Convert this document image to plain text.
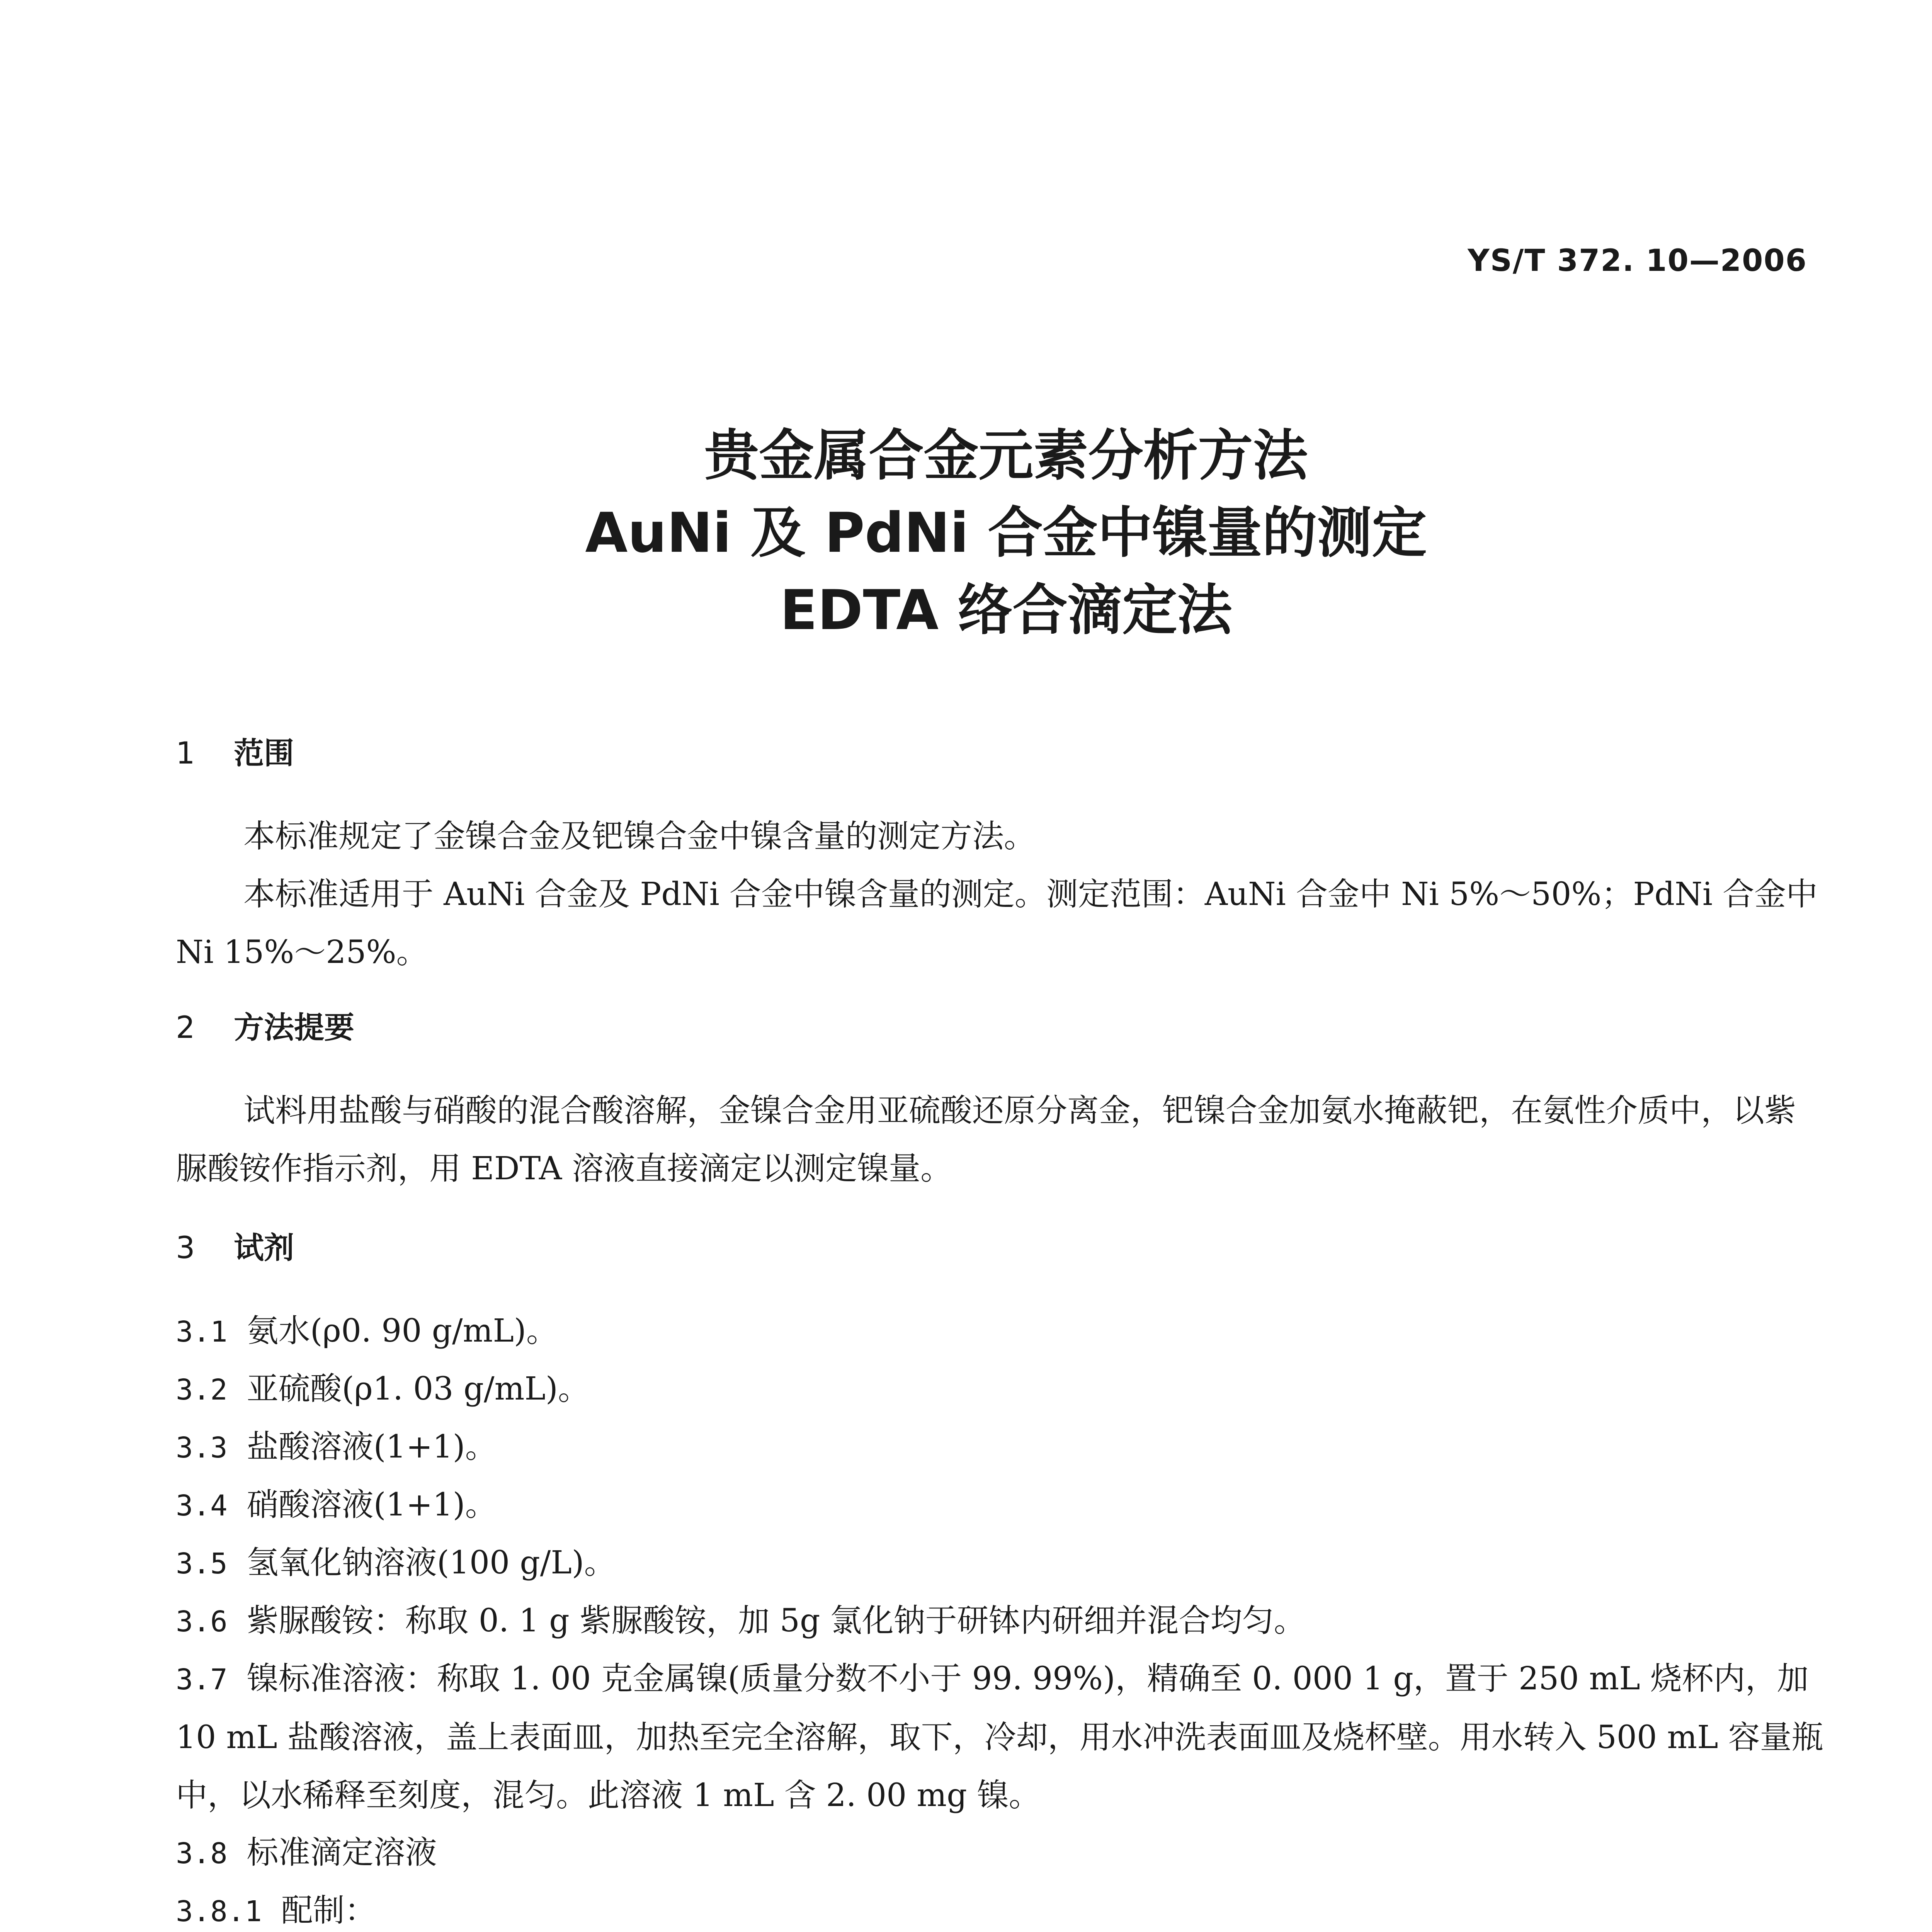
YS/T 372. 10—2006
贵金属合金元素分析方法
AuNi 及 PdNi 合金中镍量的测定
EDTA 络合滴定法
1 范围
本标准规定了金镍合金及钯镍合金中镍含量的测定方法。
本标准适用于 AuNi 合金及 PdNi 合金中镍含量的测定。测定范围：AuNi 合金中 Ni 5%～50%；PdNi 合金中 Ni 15%～25%。
2 方法提要
试料用盐酸与硝酸的混合酸溶解，金镍合金用亚硫酸还原分离金，钯镍合金加氨水掩蔽钯，在氨性介质中，以紫脲酸铵作指示剂，用 EDTA 溶液直接滴定以测定镍量。
3 试剂
3.1 氨水(ρ0. 90 g/mL)。
3.2 亚硫酸(ρ1. 03 g/mL)。
3.3 盐酸溶液(1+1)。
3.4 硝酸溶液(1+1)。
3.5 氢氧化钠溶液(100 g/L)。
3.6 紫脲酸铵：称取 0. 1 g 紫脲酸铵，加 5g 氯化钠于研钵内研细并混合均匀。
3.7 镍标准溶液：称取 1. 00 克金属镍(质量分数不小于 99. 99%)，精确至 0. 000 1 g，置于 250 mL 烧杯内，加 10 mL 盐酸溶液，盖上表面皿，加热至完全溶解，取下，冷却，用水冲洗表面皿及烧杯壁。用水转入 500 mL 容量瓶中，以水稀释至刻度，混匀。此溶液 1 mL 含 2. 00 mg 镍。
3.8 标准滴定溶液
3.8.1 配制：
